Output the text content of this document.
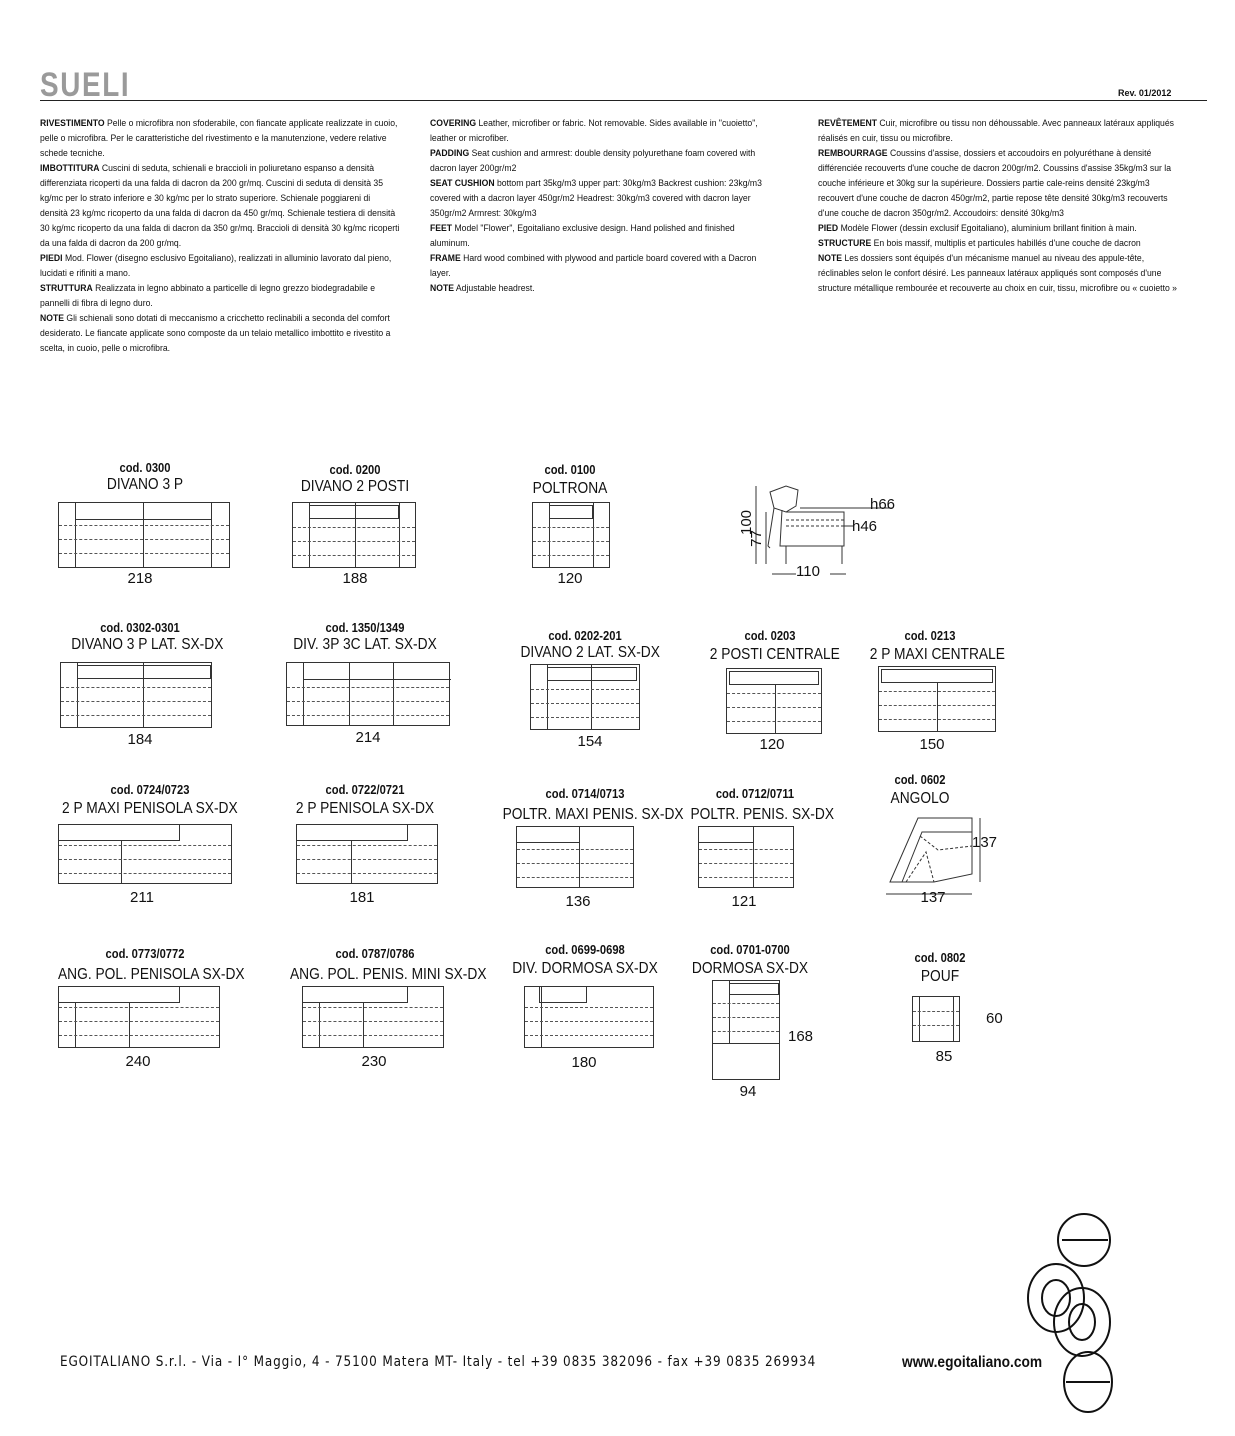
SUELI	Rev. 01/2012

RIVESTIMENTO Pelle o microfibra non sfoderabile, con fiancate applicate realizzate in cuoio, pelle o microfibra. Per le caratteristiche del rivestimento e la manutenzione, vedere relative schede tecniche.

IMBOTTITURA Cuscini di seduta, schienali e braccioli in poliuretano espanso a densità differenziata ricoperti da una falda di dacron da 200 gr/mq. Cuscini di seduta di densità 35 kg/mc per lo strato inferiore e 30 kg/mc per lo strato superiore. Schienale poggiareni di densità 23 kg/mc ricoperto da una falda di dacron da 450 gr/mq. Schienale testiera di densità 30 kg/mc ricoperto da una falda di dacron da 350 gr/mq. Braccioli di densità 30 kg/mc ricoperti da una falda di dacron da 200 gr/mq.

PIEDI Mod. Flower (disegno esclusivo Egoitaliano), realizzati in alluminio lavorato dal pieno, lucidati e rifiniti a mano.

STRUTTURA Realizzata in legno abbinato a particelle di legno grezzo biodegradabile e pannelli di fibra di legno duro.

NOTE Gli schienali sono dotati di meccanismo a cricchetto reclinabili a seconda del comfort desiderato. Le fiancate applicate sono composte da un telaio metallico imbottito e rivestito a scelta, in cuoio, pelle o microfibra.

COVERING Leather, microfiber or fabric. Not removable. Sides available in "cuoietto", leather or microfiber.

PADDING Seat cushion and armrest: double density polyurethane foam covered with dacron layer 200gr/m2

SEAT CUSHION bottom part 35kg/m3 upper part: 30kg/m3 Backrest cushion: 23kg/m3 covered with a dacron layer 450gr/m2 Headrest: 30kg/m3 covered with dacron layer 350gr/m2 Armrest: 30kg/m3

FEET Model "Flower", Egoitaliano exclusive design. Hand polished and finished aluminum.

FRAME Hard wood combined with plywood and particle board covered with a Dacron layer.

NOTE Adjustable headrest.

REVÊTEMENT Cuir, microfibre ou tissu non déhoussable. Avec panneaux latéraux appliqués réalisés en cuir, tissu ou microfibre.

REMBOURRAGE Coussins d'assise, dossiers et accoudoirs en polyuréthane à densité différenciée recouverts d'une couche de dacron 200gr/m2. Coussins d'assise 35kg/m3 sur la couche inférieure et 30kg sur la supérieure. Dossiers partie cale-reins densité 23kg/m3 recouvert d'une couche de dacron 450gr/m2, partie repose tête densité 30kg/m3 recouverts d'une couche de dacron 350gr/m2. Accoudoirs: densité 30kg/m3

PIED Modèle Flower (dessin exclusif Egoitaliano), aluminium brillant finition à main.

STRUCTURE En bois massif, multiplis et particules habillés d'une couche de dacron

NOTE Les dossiers sont équipés d'un mécanisme manuel au niveau des appule-tête, réclinables selon le confort désiré. Les panneaux latéraux appliqués sont composés d'une structure métallique rembourée et recouverte au choix en cuir, tissu, microfibre ou « cuoietto »

cod. 0300
DIVANO 3 P
218
cod. 0200
DIVANO 2 POSTI
188
cod. 0100
POLTRONA
120
100
77
h66
h46
110
cod. 0302-0301
DIVANO 3 P LAT. SX-DX
184
cod. 1350/1349
DIV. 3P 3C LAT. SX-DX
214
cod. 0202-201
DIVANO 2 LAT. SX-DX
154
cod. 0203
2 POSTI CENTRALE
120
cod. 0213
2 P MAXI CENTRALE
150
cod. 0724/0723
2 P MAXI PENISOLA SX-DX
211
cod. 0722/0721
2 P PENISOLA SX-DX
181
cod. 0714/0713
POLTR. MAXI PENIS. SX-DX
136
cod. 0712/0711
POLTR. PENIS. SX-DX
121
cod. 0602
ANGOLO
137
137
cod. 0773/0772
ANG. POL. PENISOLA SX-DX
240
cod. 0787/0786
ANG. POL. PENIS. MINI SX-DX
230
cod. 0699-0698
DIV. DORMOSA SX-DX
180
cod. 0701-0700
DORMOSA SX-DX
168
94
cod. 0802
POUF
60
85
EGOITALIANO S.r.l. - Via - I° Maggio, 4 - 75100 Matera MT- Italy - tel +39 0835 382096 - fax +39 0835 269934	www.egoitaliano.com
